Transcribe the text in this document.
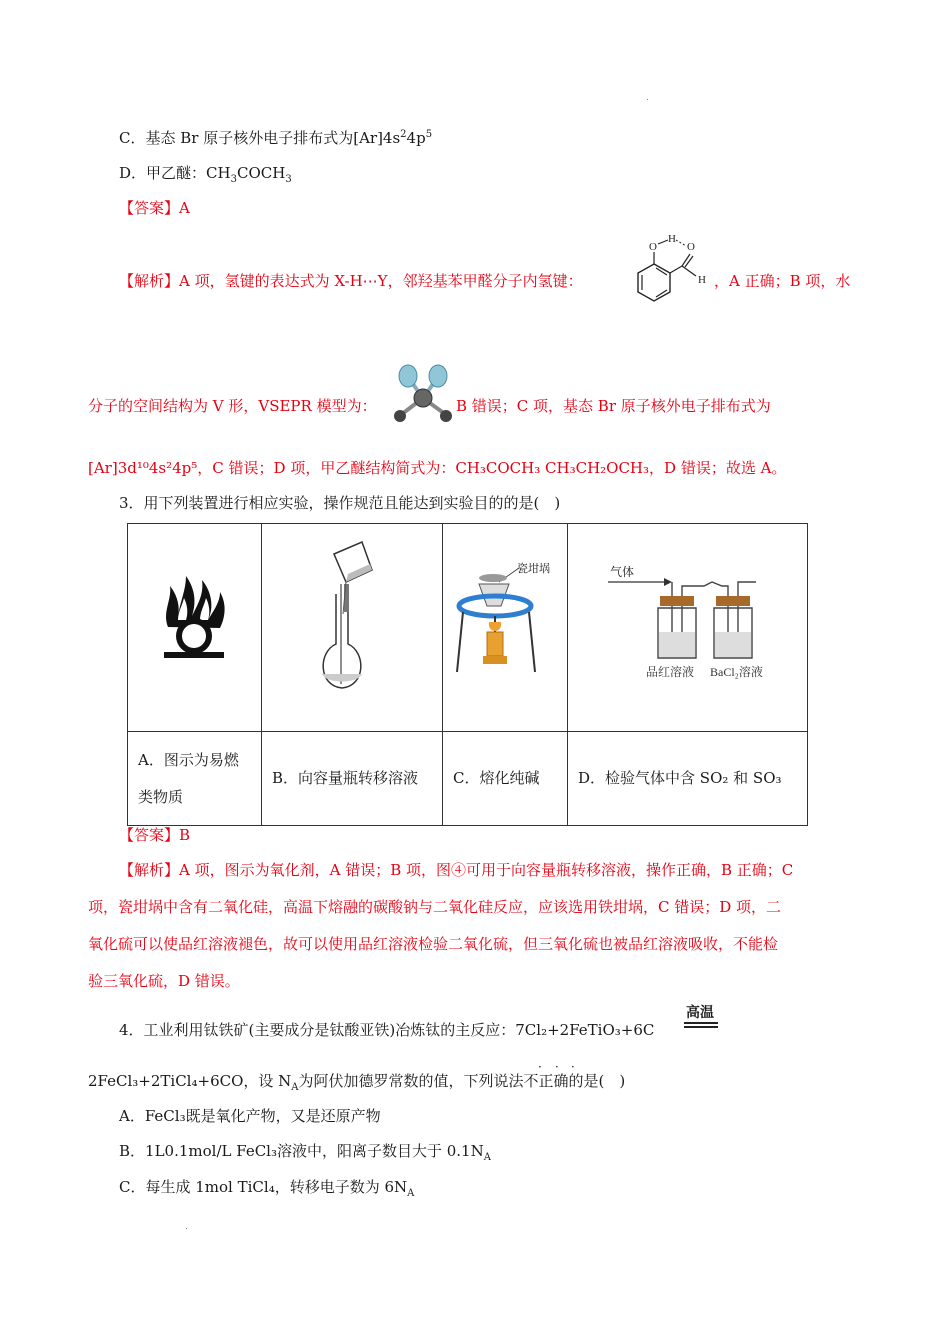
C．基态 Br 原子核外电子排布式为$[Ar]4s^24p^5$
D．甲乙醚：$CH_3COCH_3$
【答案】A
【解析】A 项，氢键的表达式为 X-H⋯Y，邻羟基苯甲醛分子内氢键：
O
H
O
H ，A 正确；B 项，水
分子的空间结构为 V 形，VSEPR 模型为：	B 错误；C 项，基态 Br 原子核外电子排布式为
[Ar]3d¹⁰4s²4p⁵，C 错误；D 项，甲乙醚结构简式为：CH₃COCH₃ CH₃CH₂OCH₃，D 错误；故选 A。
3．用下列装置进行相应实验，操作规范且能达到实验目的的是(　)

瓷坩埚	气体
品红溶液 BaCl₂溶液

A．图示为易燃类物质	B．向容量瓶转移溶液	C．熔化纯碱	D．检验气体中含 SO₂ 和 SO₃
【答案】B
【解析】A 项，图示为氧化剂，A 错误；B 项，图④可用于向容量瓶转移溶液，操作正确，B 正确；C
项，瓷坩埚中含有二氧化硅，高温下熔融的碳酸钠与二氧化硅反应，应该选用铁坩埚，C 错误；D 项，二
氧化硫可以使品红溶液褪色，故可以使用品红溶液检验二氧化硫，但三氧化硫也被品红溶液吸收，不能检
验三氧化硫，D 错误。
4．工业利用钛铁矿(主要成分是钛酸亚铁)冶炼钛的主反应：7Cl₂+2FeTiO₃+6C
高温
2FeCl₃+2TiCl₄+6CO，设 $N_A$为阿伏加德罗常数的值，下列说法不正确的是(　)
· · ·
A．FeCl₃既是氧化产物，又是还原产物
B．1L0.1mol/L FeCl₃溶液中，阳离子数目大于 $0.1N_A$
C．每生成 1mol TiCl₄，转移电子数为 $6N_A$
